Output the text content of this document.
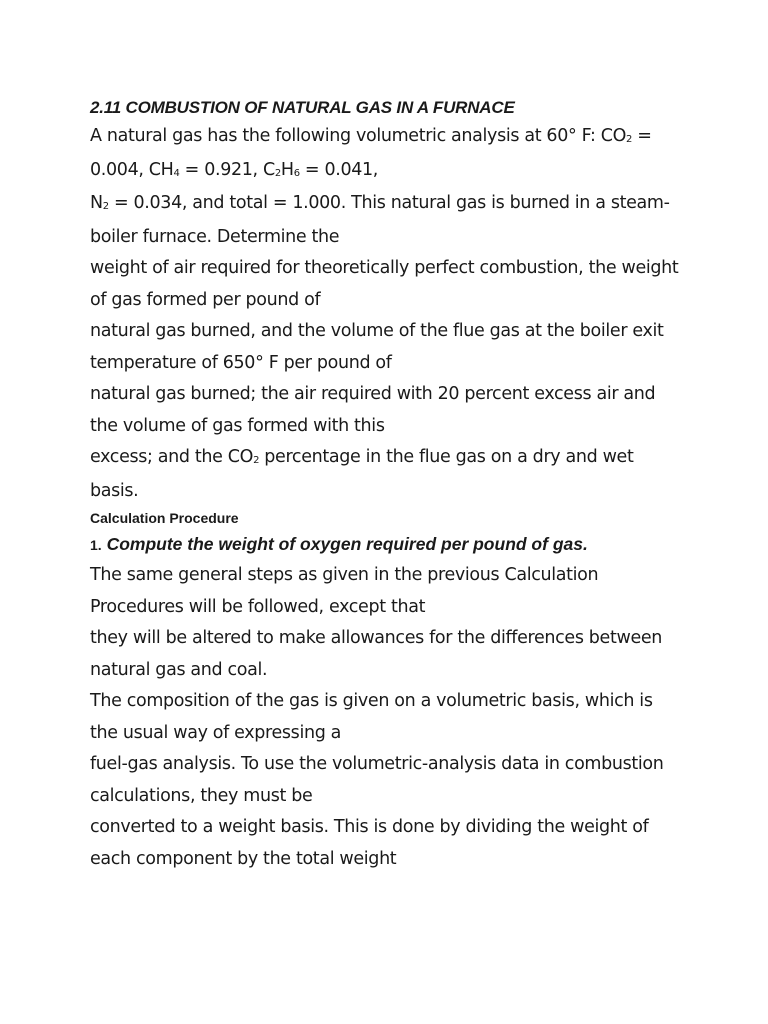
2.11 COMBUSTION OF NATURAL GAS IN A FURNACE

A natural gas has the following volumetric analysis at 60° F: $CO_2$ =

0.004, $CH_4 = 0.921$, $C_2H_6 = 0.041$,

$N_2 = 0.034$, and total = 1.000. This natural gas is burned in a steam-

boiler furnace. Determine the

weight of air required for theoretically perfect combustion, the weight

of gas formed per pound of

natural gas burned, and the volume of the flue gas at the boiler exit

temperature of 650° F per pound of

natural gas burned; the air required with 20 percent excess air and

the volume of gas formed with this

excess; and the $CO_2$ percentage in the flue gas on a dry and wet

basis.

Calculation Procedure

1. Compute the weight of oxygen required per pound of gas.

The same general steps as given in the previous Calculation

Procedures will be followed, except that

they will be altered to make allowances for the differences between

natural gas and coal.

The composition of the gas is given on a volumetric basis, which is

the usual way of expressing a

fuel-gas analysis. To use the volumetric-analysis data in combustion

calculations, they must be

converted to a weight basis. This is done by dividing the weight of

each component by the total weight
